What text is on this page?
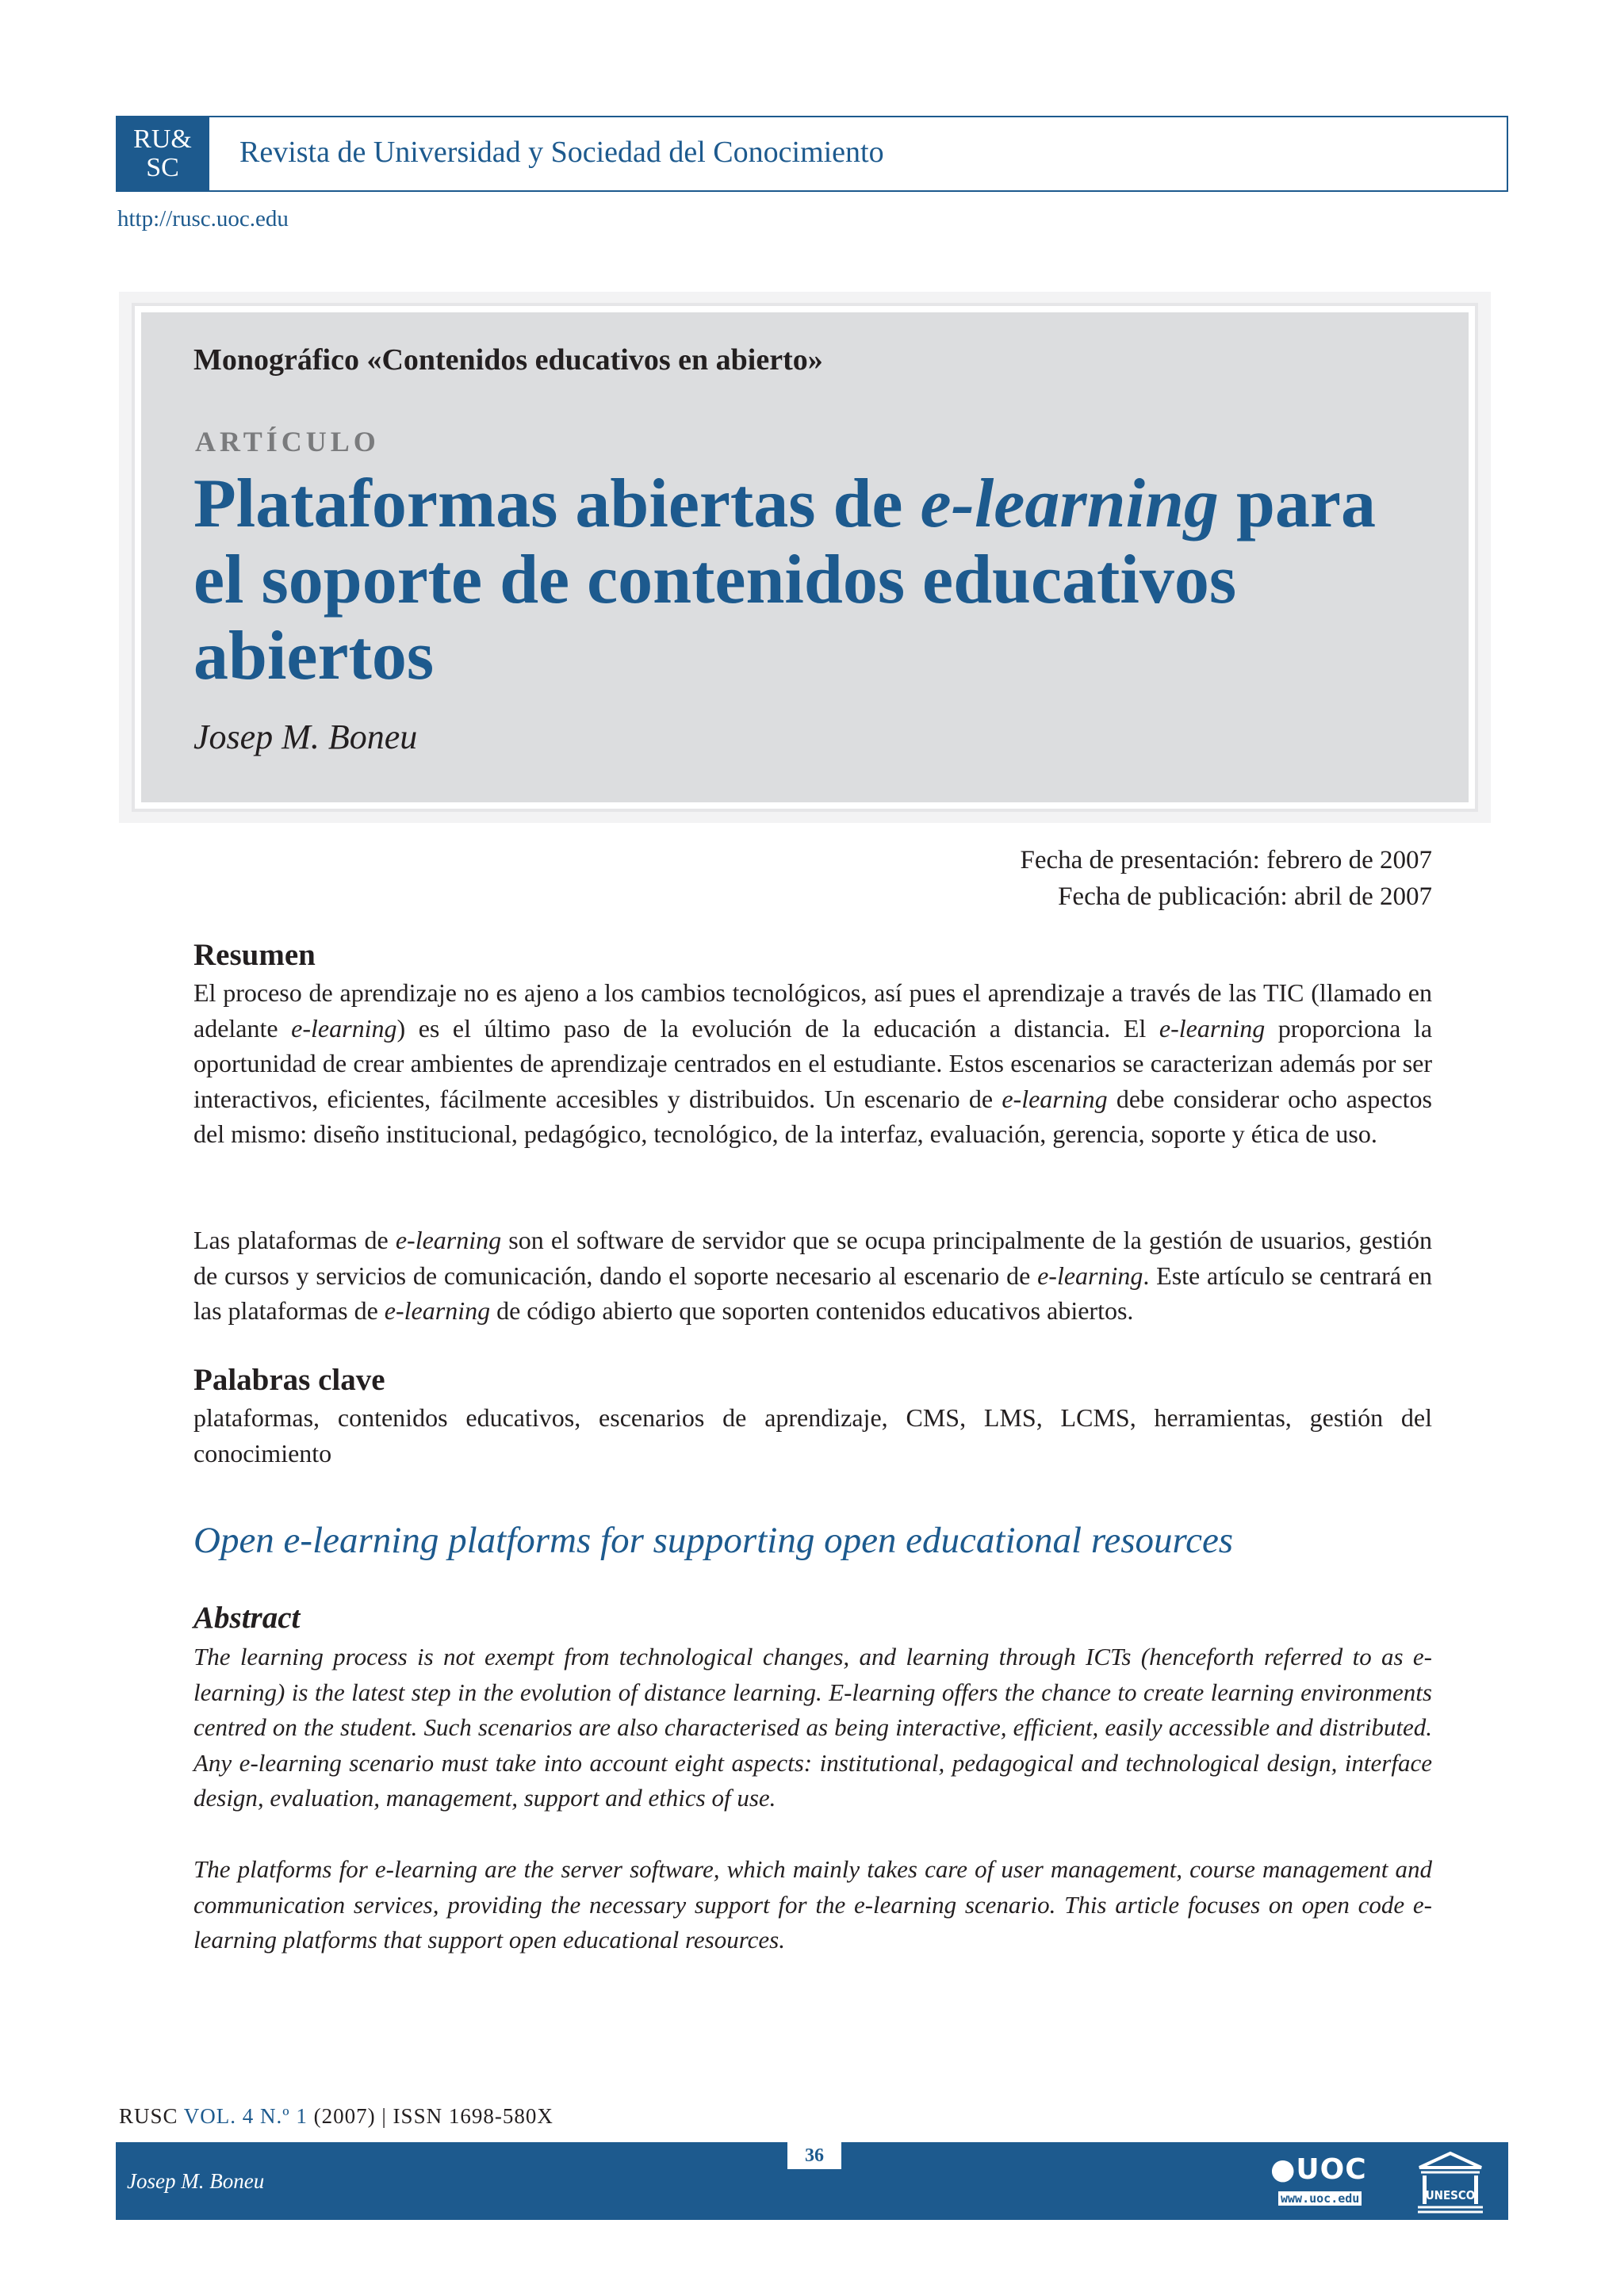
RU&
SC	Revista de Universidad y Sociedad del Conocimiento
http://rusc.uoc.edu
Monográfico «Contenidos educativos en abierto»
ARTÍCULO
Plataformas abiertas de e-learning para el soporte de contenidos educativos abiertos
Josep M. Boneu
Fecha de presentación: febrero de 2007
Fecha de publicación: abril de 2007
Resumen
El proceso de aprendizaje no es ajeno a los cambios tecnológicos, así pues el aprendizaje a través de las TIC (llamado en adelante e-learning) es el último paso de la evolución de la educación a distancia. El e-learning proporciona la oportunidad de crear ambientes de aprendizaje centrados en el estudiante. Estos escenarios se caracterizan además por ser interactivos, eficientes, fácilmente accesibles y distribuidos. Un escenario de e-learning debe considerar ocho aspectos del mismo: diseño institucional, pedagógico, tecnológico, de la interfaz, evaluación, gerencia, soporte y ética de uso.
Las plataformas de e-learning son el software de servidor que se ocupa principalmente de la gestión de usuarios, gestión de cursos y servicios de comunicación, dando el soporte necesario al escenario de e-learning. Este artículo se centrará en las plataformas de e-learning de código abierto que soporten contenidos educativos abiertos.
Palabras clave
plataformas, contenidos educativos, escenarios de aprendizaje, CMS, LMS, LCMS, herramientas, gestión del conocimiento
Open e-learning platforms for supporting open educational resources
Abstract
The learning process is not exempt from technological changes, and learning through ICTs (henceforth referred to as e-learning) is the latest step in the evolution of distance learning. E-learning offers the chance to create learning environments centred on the student. Such scenarios are also characterised as being interactive, efficient, easily accessible and distributed. Any e-learning scenario must take into account eight aspects: institutional, pedagogical and technological design, interface design, evaluation, management, support and ethics of use.
The platforms for e-learning are the server software, which mainly takes care of user management, course management and communication services, providing the necessary support for the e-learning scenario. This article focuses on open code e-learning platforms that support open educational resources.
RUSC VOL. 4 N.º 1 (2007) | ISSN 1698-580X
36
Josep M. Boneu	●UOC
www.uoc.edu	UNESCO
